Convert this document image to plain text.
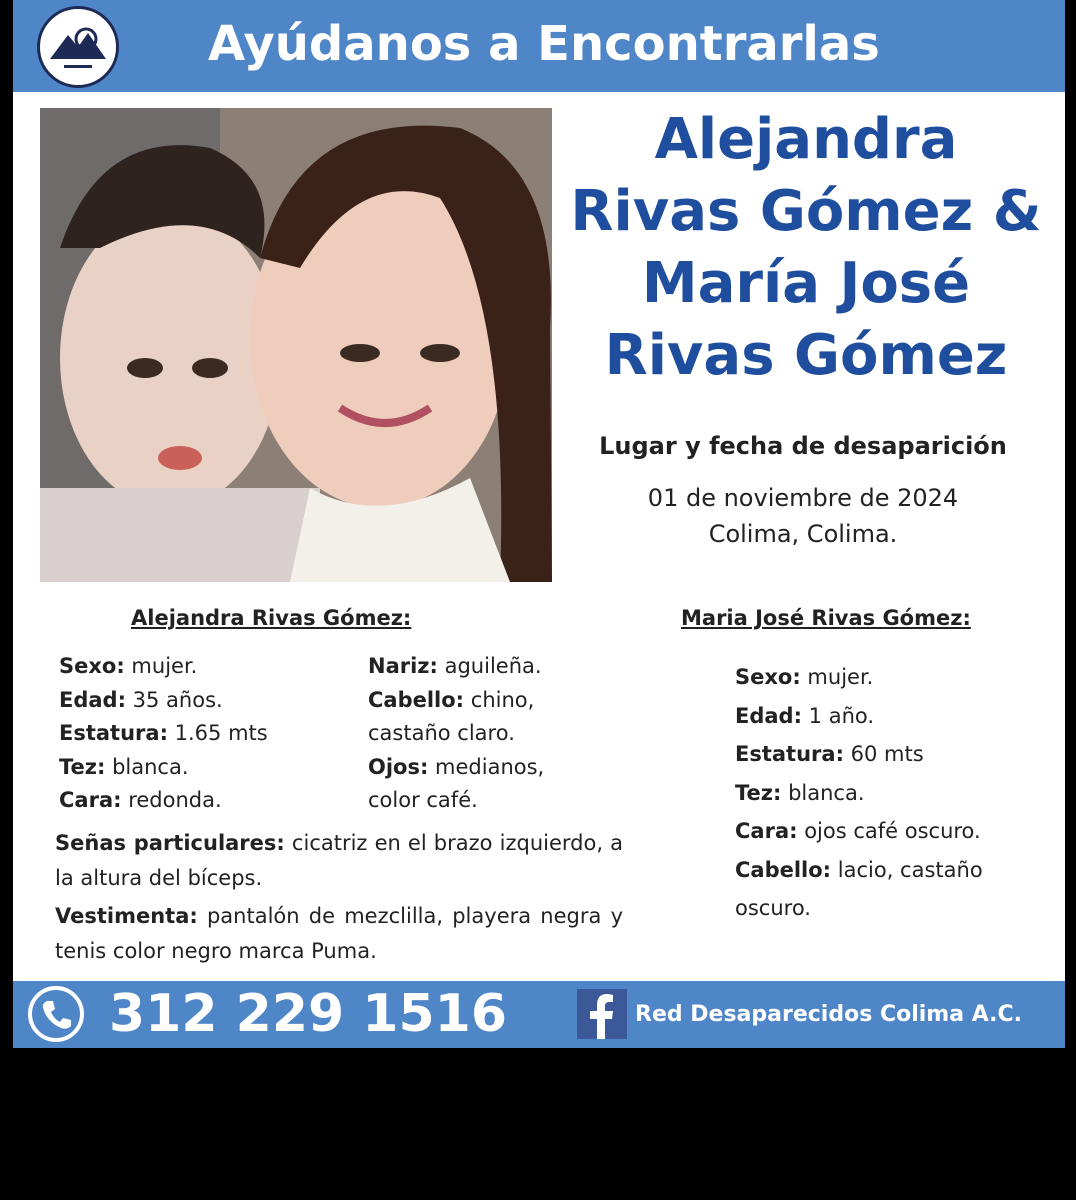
Ayúdanos a Encontrarlas
Alejandra
Rivas Gómez &
María José
Rivas Gómez
Lugar y fecha de desaparición
01 de noviembre de 2024
Colima, Colima.
Alejandra Rivas Gómez:	Maria José Rivas Gómez:
Sexo: mujer.
Edad: 35 años.
Estatura: 1.65 mts
Tez: blanca.
Cara: redonda.
Nariz: aguileña.
Cabello: chino,
castaño claro.
Ojos: medianos,
color café.
Señas particulares: cicatriz en el brazo izquierdo, a la altura del bíceps.
Vestimenta: pantalón de mezclilla, playera negra y tenis color negro marca Puma.
Sexo: mujer.
Edad: 1 año.
Estatura: 60 mts
Tez: blanca.
Cara: ojos café oscuro.
Cabello: lacio, castaño
oscuro.
312 229 1516	Red Desaparecidos Colima A.C.
